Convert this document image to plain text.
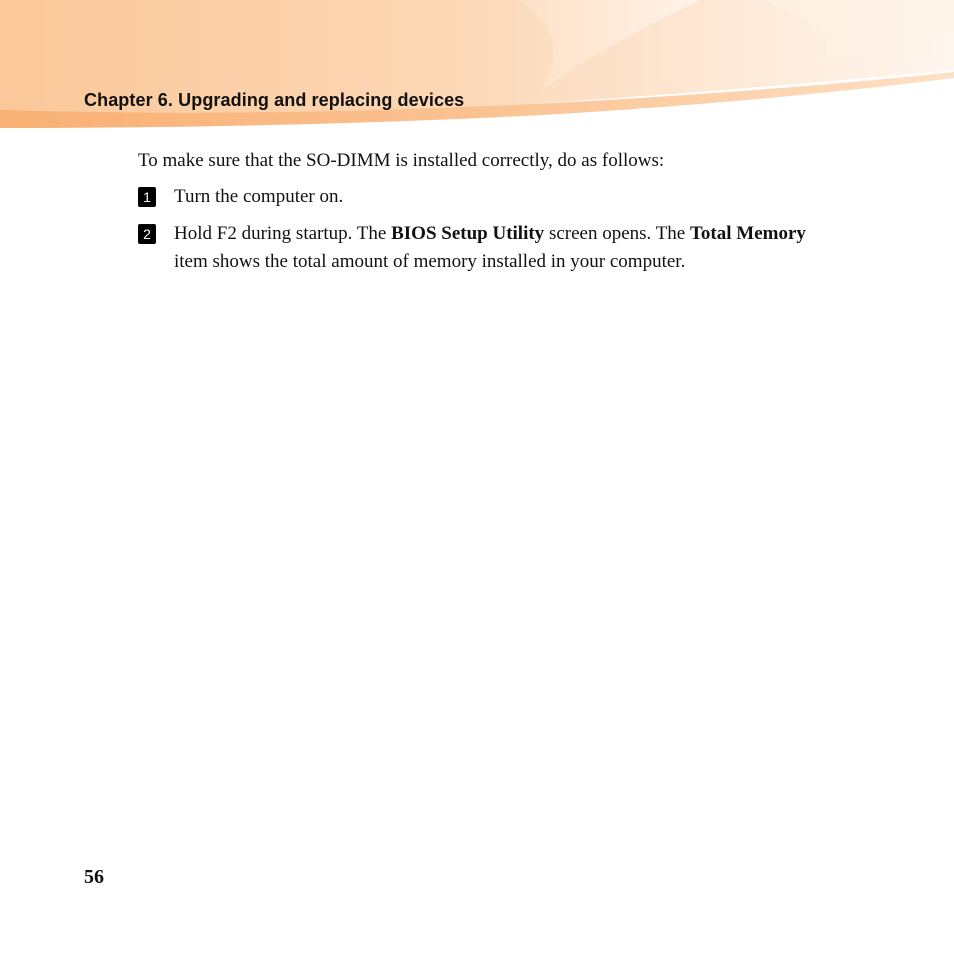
Chapter 6. Upgrading and replacing devices
To make sure that the SO-DIMM is installed correctly, do as follows:
1 Turn the computer on.
2 Hold F2 during startup. The BIOS Setup Utility screen opens. The Total Memory item shows the total amount of memory installed in your computer.
56
